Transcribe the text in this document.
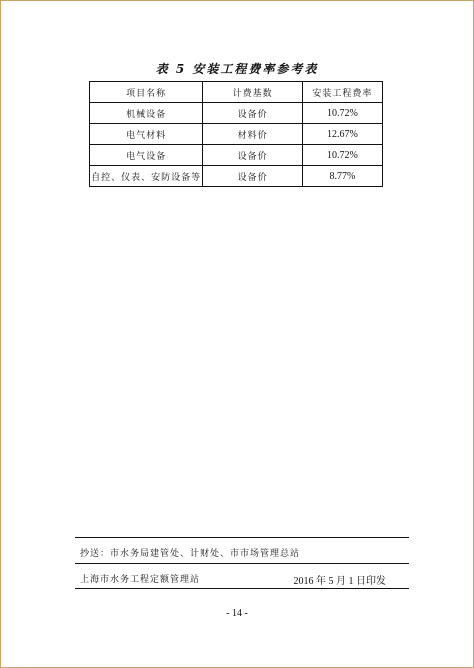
表 5 安装工程费率参考表
项目名称	计费基数	安装工程费率
机械设备	设备价	10.72%
电气材料	材料价	12.67%
电气设备	设备价	10.72%
自控、仪表、安防设备等	设备价	8.77%
抄送：市水务局建管处、计财处、市市场管理总站
上海市水务工程定额管理站	2016 年 5 月 1 日印发
- 14 -
